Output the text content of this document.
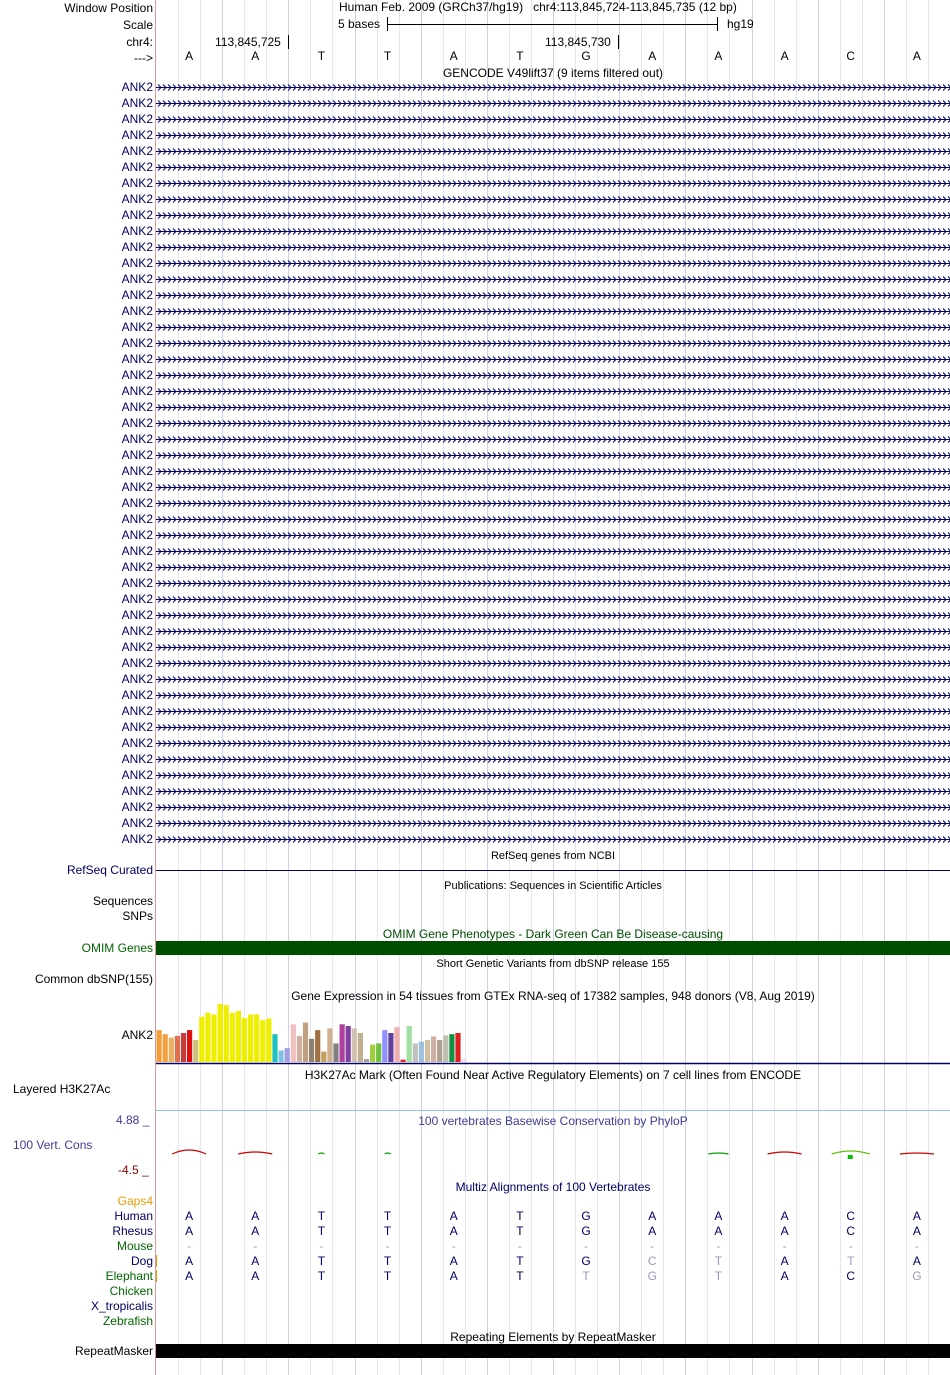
Window Position
Scale
chr4:
--->
Human Feb. 2009 (GRCh37/hg19) chr4:113,845,724-113,845,735 (12 bp)
5 bases	hg19
113,845,725	113,845,730
A	A	T	T	A	T	G	A	A	A	C	A
GENCODE V49lift37 (9 items filtered out)
ANK2
ANK2
ANK2
ANK2
ANK2
ANK2
ANK2
ANK2
ANK2
ANK2
ANK2
ANK2
ANK2
ANK2
ANK2
ANK2
ANK2
ANK2
ANK2
ANK2
ANK2
ANK2
ANK2
ANK2
ANK2
ANK2
ANK2
ANK2
ANK2
ANK2
ANK2
ANK2
ANK2
ANK2
ANK2
ANK2
ANK2
ANK2
ANK2
ANK2
ANK2
ANK2
ANK2
ANK2
ANK2
ANK2
ANK2
ANK2
RefSeq genes from NCBI
RefSeq Curated
Publications: Sequences in Scientific Articles
Sequences
SNPs
OMIM Gene Phenotypes - Dark Green Can Be Disease-causing
OMIM Genes
Short Genetic Variants from dbSNP release 155
Common dbSNP(155)
Gene Expression in 54 tissues from GTEx RNA-seq of 17382 samples, 948 donors (V8, Aug 2019)
ANK2
H3K27Ac Mark (Often Found Near Active Regulatory Elements) on 7 cell lines from ENCODE
Layered H3K27Ac
100 vertebrates Basewise Conservation by PhyloP
4.88 _
100 Vert. Cons
-4.5 _
Multiz Alignments of 100 Vertebrates
Gaps4
Human	A	A	T	T	A	T	G	A	A	A	C	A
Rhesus	A	A	T	T	A	T	G	A	A	A	C	A
Mouse	-	-	-	-	-	-	-	-	-	-	-	-
Dog	A	A	T	T	A	T	G	C	T	A	T	A
Elephant	A	A	T	T	A	T	T	G	T	A	C	G
Chicken
X_tropicalis
Zebrafish
Repeating Elements by RepeatMasker
RepeatMasker
